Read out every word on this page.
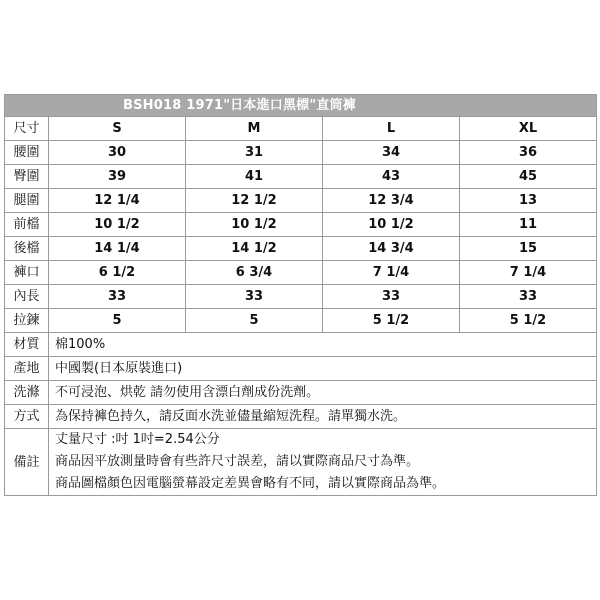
BSH018 1971"日本進口黑標"直筒褲				
尺寸	S	M	L	XL
腰圍	30	31	34	36
臀圍	39	41	43	45
腿圍	12 1/4	12 1/2	12 3/4	13
前檔	10 1/2	10 1/2	10 1/2	11
後檔	14 1/4	14 1/2	14 3/4	15
褲口	6 1/2	6 3/4	7 1/4	7 1/4
內長	33	33	33	33
拉鍊	5	5	5 1/2	5 1/2
材質	棉100%			
產地	中國製(日本原裝進口)			
洗滌	不可浸泡、烘乾 請勿使用含漂白劑成份洗劑。			
方式	為保持褲色持久，請反面水洗並儘量縮短洗程。請單獨水洗。			
備註	丈量尺寸 :吋 1吋=2.54公分
商品因平放測量時會有些許尺寸誤差，請以實際商品尺寸為準。
商品圖檔顏色因電腦螢幕設定差異會略有不同，請以實際商品為準。			
